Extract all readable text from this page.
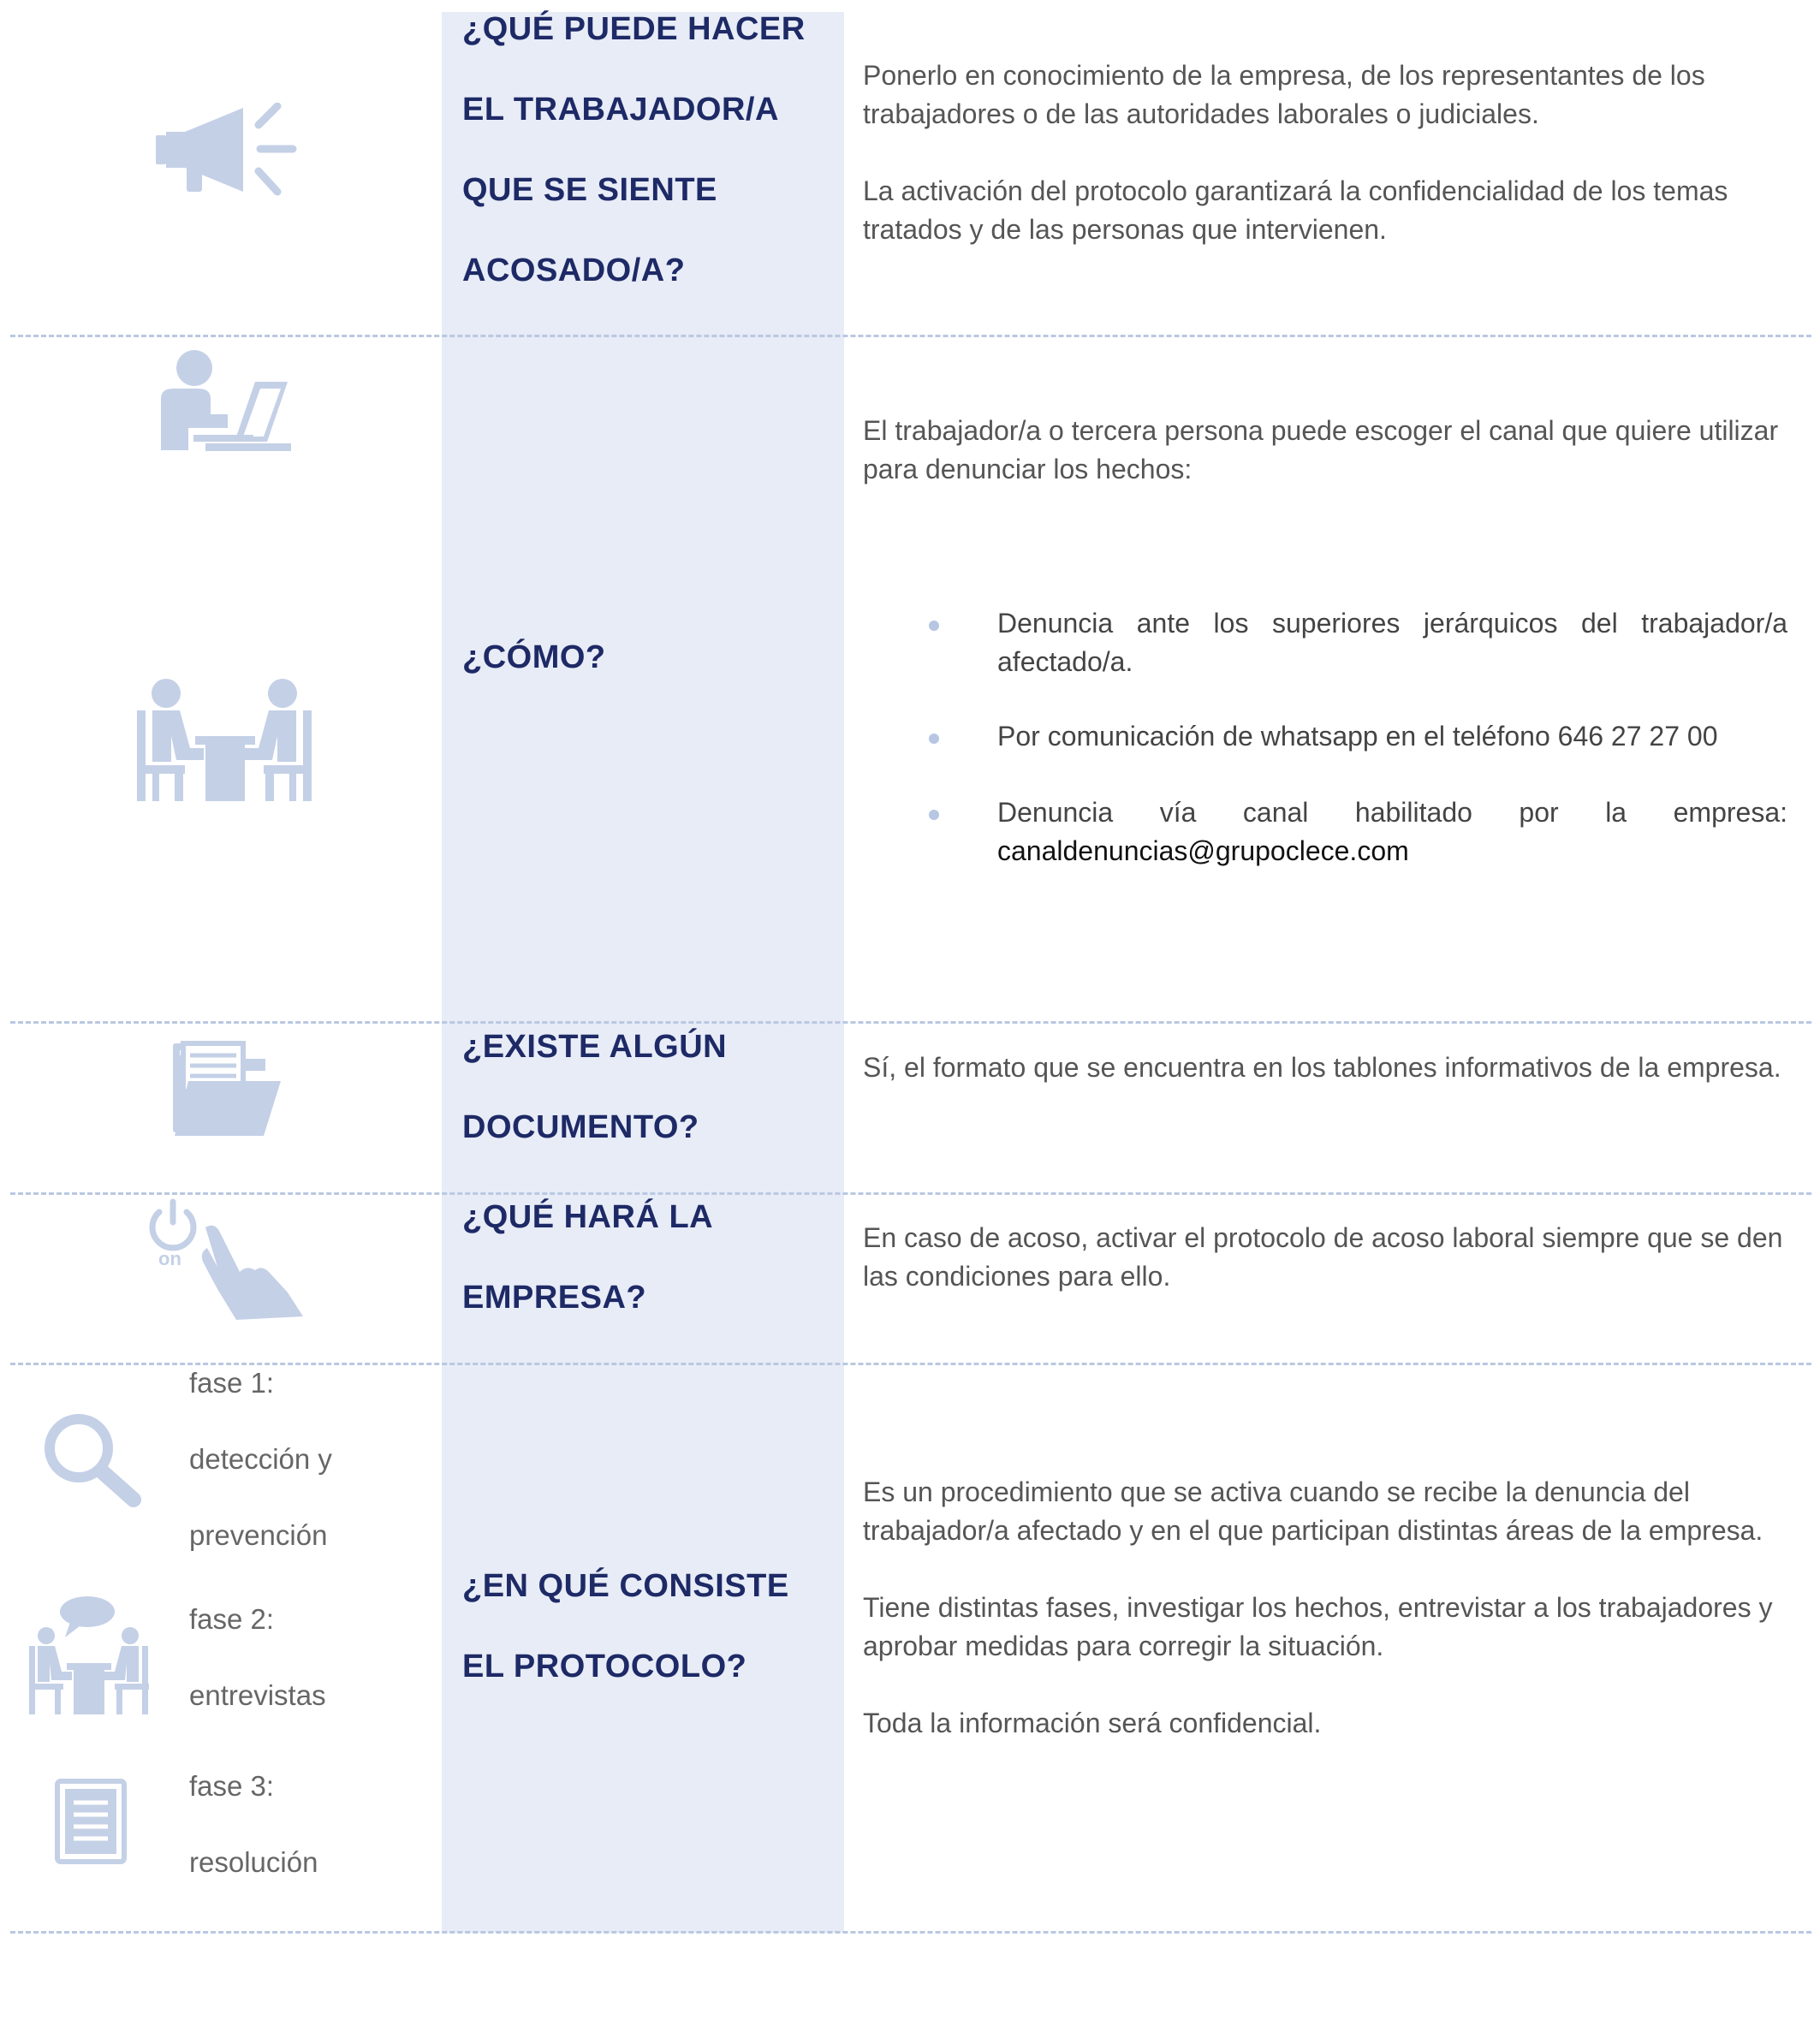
¿QUÉ PUEDE HACER
EL TRABAJADOR/A
QUE SE SIENTE
ACOSADO/A?

Ponerlo en conocimiento de la empresa, de los representantes de los trabajadores o de las autoridades laborales o judiciales.

La activación del protocolo garantizará la confidencialidad de los temas tratados y de las personas que intervienen.

¿CÓMO?

El trabajador/a o tercera persona puede escoger el canal que quiere utilizar para denunciar los hechos:

Denuncia ante los superiores jerárquicos del trabajador/a
afectado/a.
Por comunicación de whatsapp en el teléfono 646 27 27 00
Denuncia vía canal habilitado por la empresa:
canaldenuncias@grupoclece.com
¿EXISTE ALGÚN
DOCUMENTO?

Sí, el formato que se encuentra en los tablones informativos de la empresa.

on
¿QUÉ HARÁ LA
EMPRESA?

En caso de acoso, activar el protocolo de acoso laboral siempre que se den las condiciones para ello.

fase 1:
detección y
prevención
fase 2:
entrevistas
fase 3:
resolución
¿EN QUÉ CONSISTE
EL PROTOCOLO?

Es un procedimiento que se activa cuando se recibe la denuncia del trabajador/a afectado y en el que participan distintas áreas de la empresa.

Tiene distintas fases, investigar los hechos, entrevistar a los trabajadores y aprobar medidas para corregir la situación.

Toda la información será confidencial.
